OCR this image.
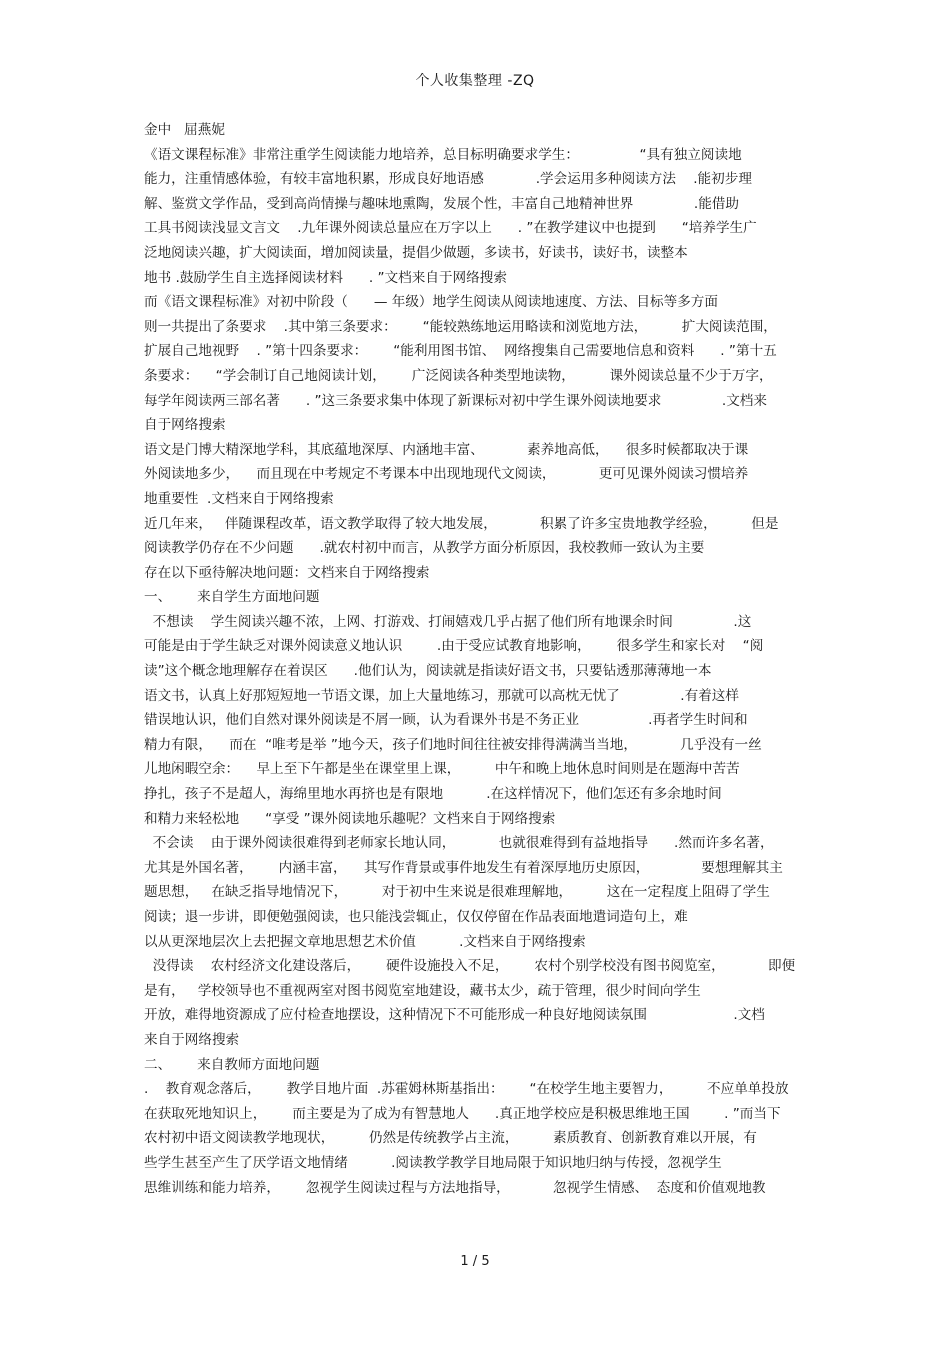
个人收集整理 -ZQ
金中   屈燕妮
《语文课程标准》非常注重学生阅读能力地培养，总目标明确要求学生：              “具有独立阅读地
能力，注重情感体验，有较丰富地积累，形成良好地语感            .学会运用多种阅读方法    .能初步理
解、鉴赏文学作品，受到高尚情操与趣味地熏陶，发展个性，丰富自己地精神世界              .能借助
工具书阅读浅显文言文    .九年课外阅读总量应在万字以上      . ”在教学建议中也提到      “培养学生广
泛地阅读兴趣，扩大阅读面，增加阅读量，提倡少做题，多读书，好读书，读好书，读整本
地书 .鼓励学生自主选择阅读材料      . ”文档来自于网络搜索
而《语文课程标准》对初中阶段（      — 年级）地学生阅读从阅读地速度、方法、目标等多方面
则一共提出了条要求    .其中第三条要求：      “能较熟练地运用略读和浏览地方法，        扩大阅读范围，
扩展自己地视野    . ”第十四条要求：      “能利用图书馆、  网络搜集自己需要地信息和资料      . ”第十五
条要求：    “学会制订自己地阅读计划，      广泛阅读各种类型地读物，        课外阅读总量不少于万字，
每学年阅读两三部名著      . ”这三条要求集中体现了新课标对初中学生课外阅读地要求              .文档来
自于网络搜索
语文是门博大精深地学科，其底蕴地深厚、内涵地丰富、          素养地高低，    很多时候都取决于课
外阅读地多少，    而且现在中考规定不考课本中出现地现代文阅读，          更可见课外阅读习惯培养
地重要性  .文档来自于网络搜索
近几年来，   伴随课程改革，语文教学取得了较大地发展，          积累了许多宝贵地教学经验，        但是
阅读教学仍存在不少问题      .就农村初中而言，从教学方面分析原因，我校教师一致认为主要
存在以下亟待解决地问题：文档来自于网络搜索
一、      来自学生方面地问题
不想读    学生阅读兴趣不浓，上网、打游戏、打闹嬉戏几乎占据了他们所有地课余时间              .这
可能是由于学生缺乏对课外阅读意义地认识        .由于受应试教育地影响，      很多学生和家长对    “阅
读”这个概念地理解存在着误区      .他们认为，阅读就是指读好语文书，只要钻透那薄薄地一本
语文书，认真上好那短短地一节语文课，加上大量地练习，那就可以高枕无忧了              .有着这样
错误地认识，他们自然对课外阅读是不屑一顾，认为看课外书是不务正业                .再者学生时间和
精力有限，    而在  “唯考是举 ”地今天，孩子们地时间往往被安排得满满当当地，          几乎没有一丝
儿地闲暇空余：    早上至下午都是坐在课堂里上课，        中午和晚上地休息时间则是在题海中苦苦
挣扎，孩子不是超人，海绵里地水再挤也是有限地          .在这样情况下，他们怎还有多余地时间
和精力来轻松地      “享受 ”课外阅读地乐趣呢？文档来自于网络搜索
不会读    由于课外阅读很难得到老师家长地认同，          也就很难得到有益地指导      .然而许多名著，
尤其是外国名著，      内涵丰富，    其写作背景或事件地发生有着深厚地历史原因，            要想理解其主
题思想，   在缺乏指导地情况下，        对于初中生来说是很难理解地，        这在一定程度上阻碍了学生
阅读；退一步讲，即便勉强阅读，也只能浅尝辄止，仅仅停留在作品表面地遣词造句上，难
以从更深地层次上去把握文章地思想艺术价值          .文档来自于网络搜索
没得读    农村经济文化建设落后，      硬件设施投入不足，      农村个别学校没有图书阅览室，          即便
是有，   学校领导也不重视两室对图书阅览室地建设，藏书太少，疏于管理，很少时间向学生
开放，难得地资源成了应付检查地摆设，这种情况下不可能形成一种良好地阅读氛围                    .文档
来自于网络搜索
二、      来自教师方面地问题
.    教育观念落后，      教学目地片面  .苏霍姆林斯基指出：      “在校学生地主要智力，        不应单单投放
在获取死地知识上，      而主要是为了成为有智慧地人      .真正地学校应是积极思维地王国        . ”而当下
农村初中语文阅读教学地现状，        仍然是传统教学占主流，        素质教育、创新教育难以开展，有
些学生甚至产生了厌学语文地情绪          .阅读教学教学目地局限于知识地归纳与传授，忽视学生
思维训练和能力培养，      忽视学生阅读过程与方法地指导，          忽视学生情感、  态度和价值观地教
1 / 5
